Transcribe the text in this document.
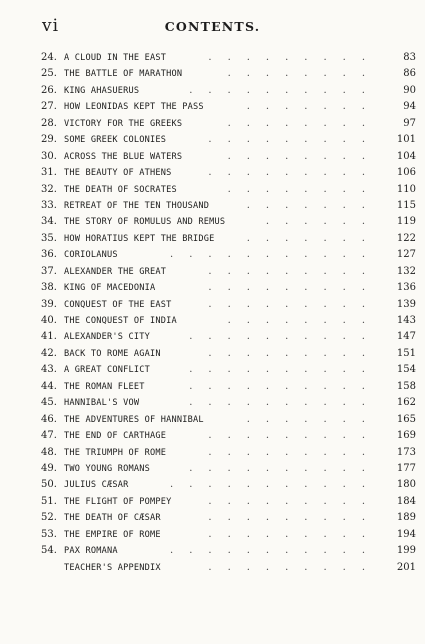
vi	CONTENTS.
24. A CLOUD IN THE EAST	.........	83
25. THE BATTLE OF MARATHON	........	86
26. KING AHASUERUS	..........	90
27. HOW LEONIDAS KEPT THE PASS	.......	94
28. VICTORY FOR THE GREEKS	........	97
29. SOME GREEK COLONIES	.........	101
30. ACROSS THE BLUE WATERS	........	104
31. THE BEAUTY OF ATHENS	.........	106
32. THE DEATH OF SOCRATES	........	110
33. RETREAT OF THE TEN THOUSAND	.......	115
34. THE STORY OF ROMULUS AND REMUS	......	119
35. HOW HORATIUS KEPT THE BRIDGE	.......	122
36. CORIOLANUS	...........	127
37. ALEXANDER THE GREAT	.........	132
38. KING OF MACEDONIA	.........	136
39. CONQUEST OF THE EAST	.........	139
40. THE CONQUEST OF INDIA	........	143
41. ALEXANDER'S CITY	..........	147
42. BACK TO ROME AGAIN	.........	151
43. A GREAT CONFLICT	..........	154
44. THE ROMAN FLEET	..........	158
45. HANNIBAL'S VOW	..........	162
46. THE ADVENTURES OF HANNIBAL	.......	165
47. THE END OF CARTHAGE	.........	169
48. THE TRIUMPH OF ROME	.........	173
49. TWO YOUNG ROMANS	..........	177
50. JULIUS CÆSAR	...........	180
51. THE FLIGHT OF POMPEY	.........	184
52. THE DEATH OF CÆSAR	.........	189
53. THE EMPIRE OF ROME	.........	194
54. PAX ROMANA	...........	199
TEACHER'S APPENDIX	.........	201
